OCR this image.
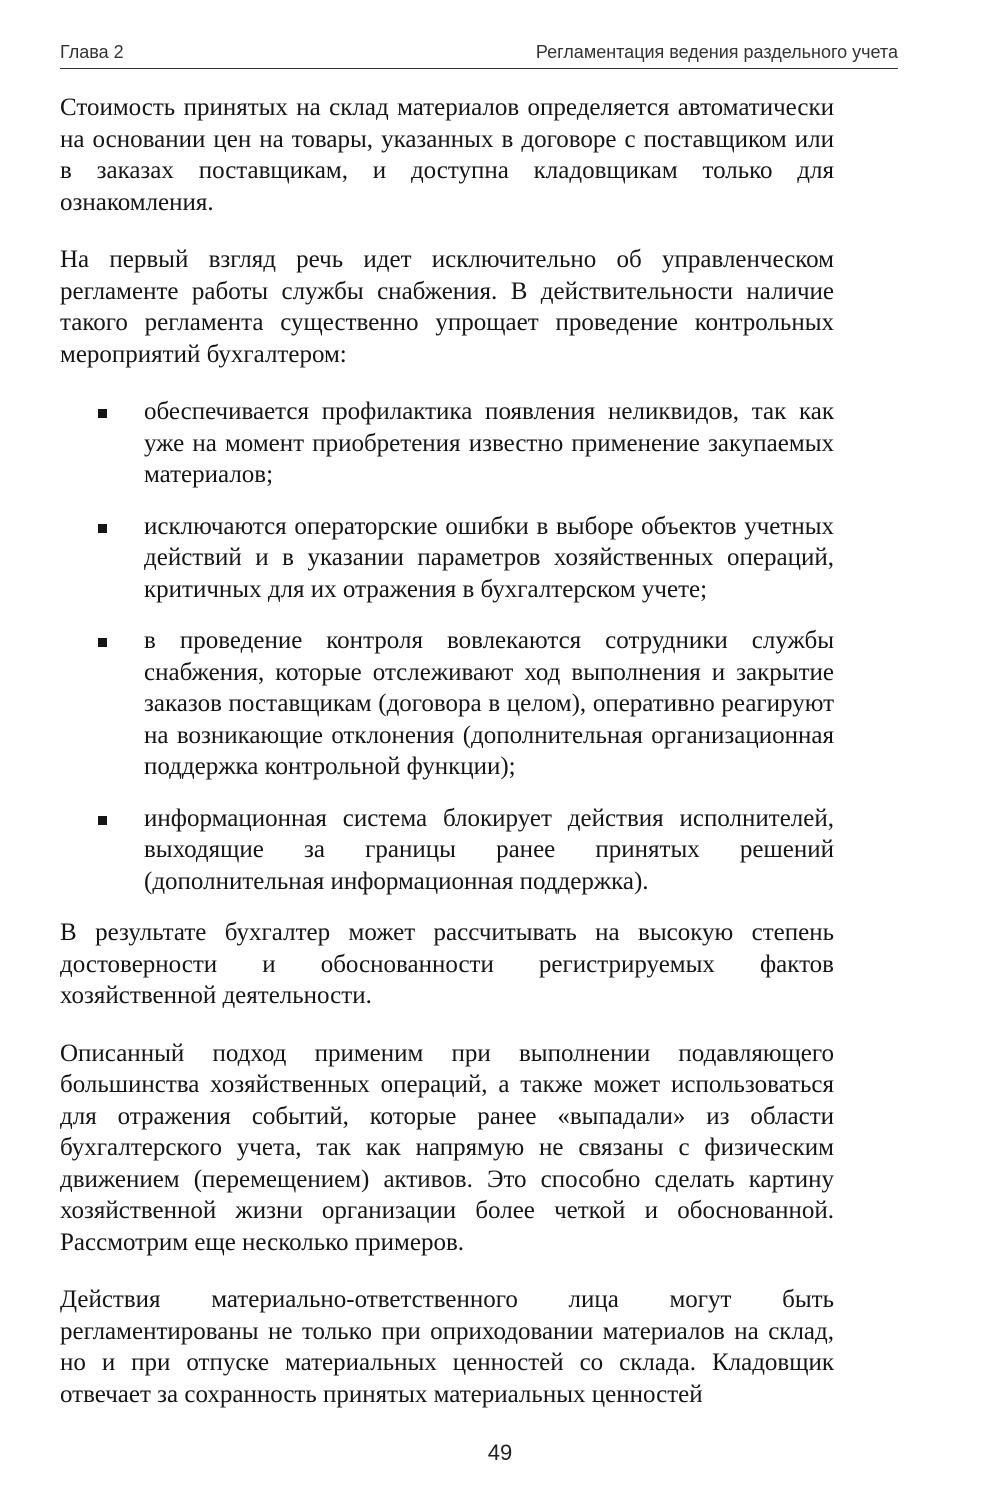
Глава 2	Регламентация ведения раздельного учета

Стоимость принятых на склад материалов определяется автоматически на основании цен на товары, указанных в договоре с поставщиком или в заказах поставщикам, и доступна кладовщикам только для ознакомления.

На первый взгляд речь идет исключительно об управленческом регламенте работы службы снабжения. В действительности наличие такого регламента существенно упрощает проведение контрольных мероприятий бухгалтером:

обеспечивается профилактика появления неликвидов, так как уже на момент приобретения известно применение закупаемых материалов;
исключаются операторские ошибки в выборе объектов учетных действий и в указании параметров хозяйственных операций, критичных для их отражения в бухгалтерском учете;
в проведение контроля вовлекаются сотрудники службы снабжения, которые отслеживают ход выполнения и закрытие заказов поставщикам (договора в целом), оперативно реагируют на возникающие отклонения (дополнительная организационная поддержка контрольной функции);
информационная система блокирует действия исполнителей, выходящие за границы ранее принятых решений (дополнительная информационная поддержка).

В результате бухгалтер может рассчитывать на высокую степень достоверности и обоснованности регистрируемых фактов хозяйственной деятельности.

Описанный подход применим при выполнении подавляющего большинства хозяйственных операций, а также может использоваться для отражения событий, которые ранее «выпадали» из области бухгалтерского учета, так как напрямую не связаны с физическим движением (перемещением) активов. Это способно сделать картину хозяйственной жизни организации более четкой и обоснованной. Рассмотрим еще несколько примеров.

Действия материально-ответственного лица могут быть регламентированы не только при оприходовании материалов на склад, но и при отпуске материальных ценностей со склада. Кладовщик отвечает за сохранность принятых материальных ценностей

49
